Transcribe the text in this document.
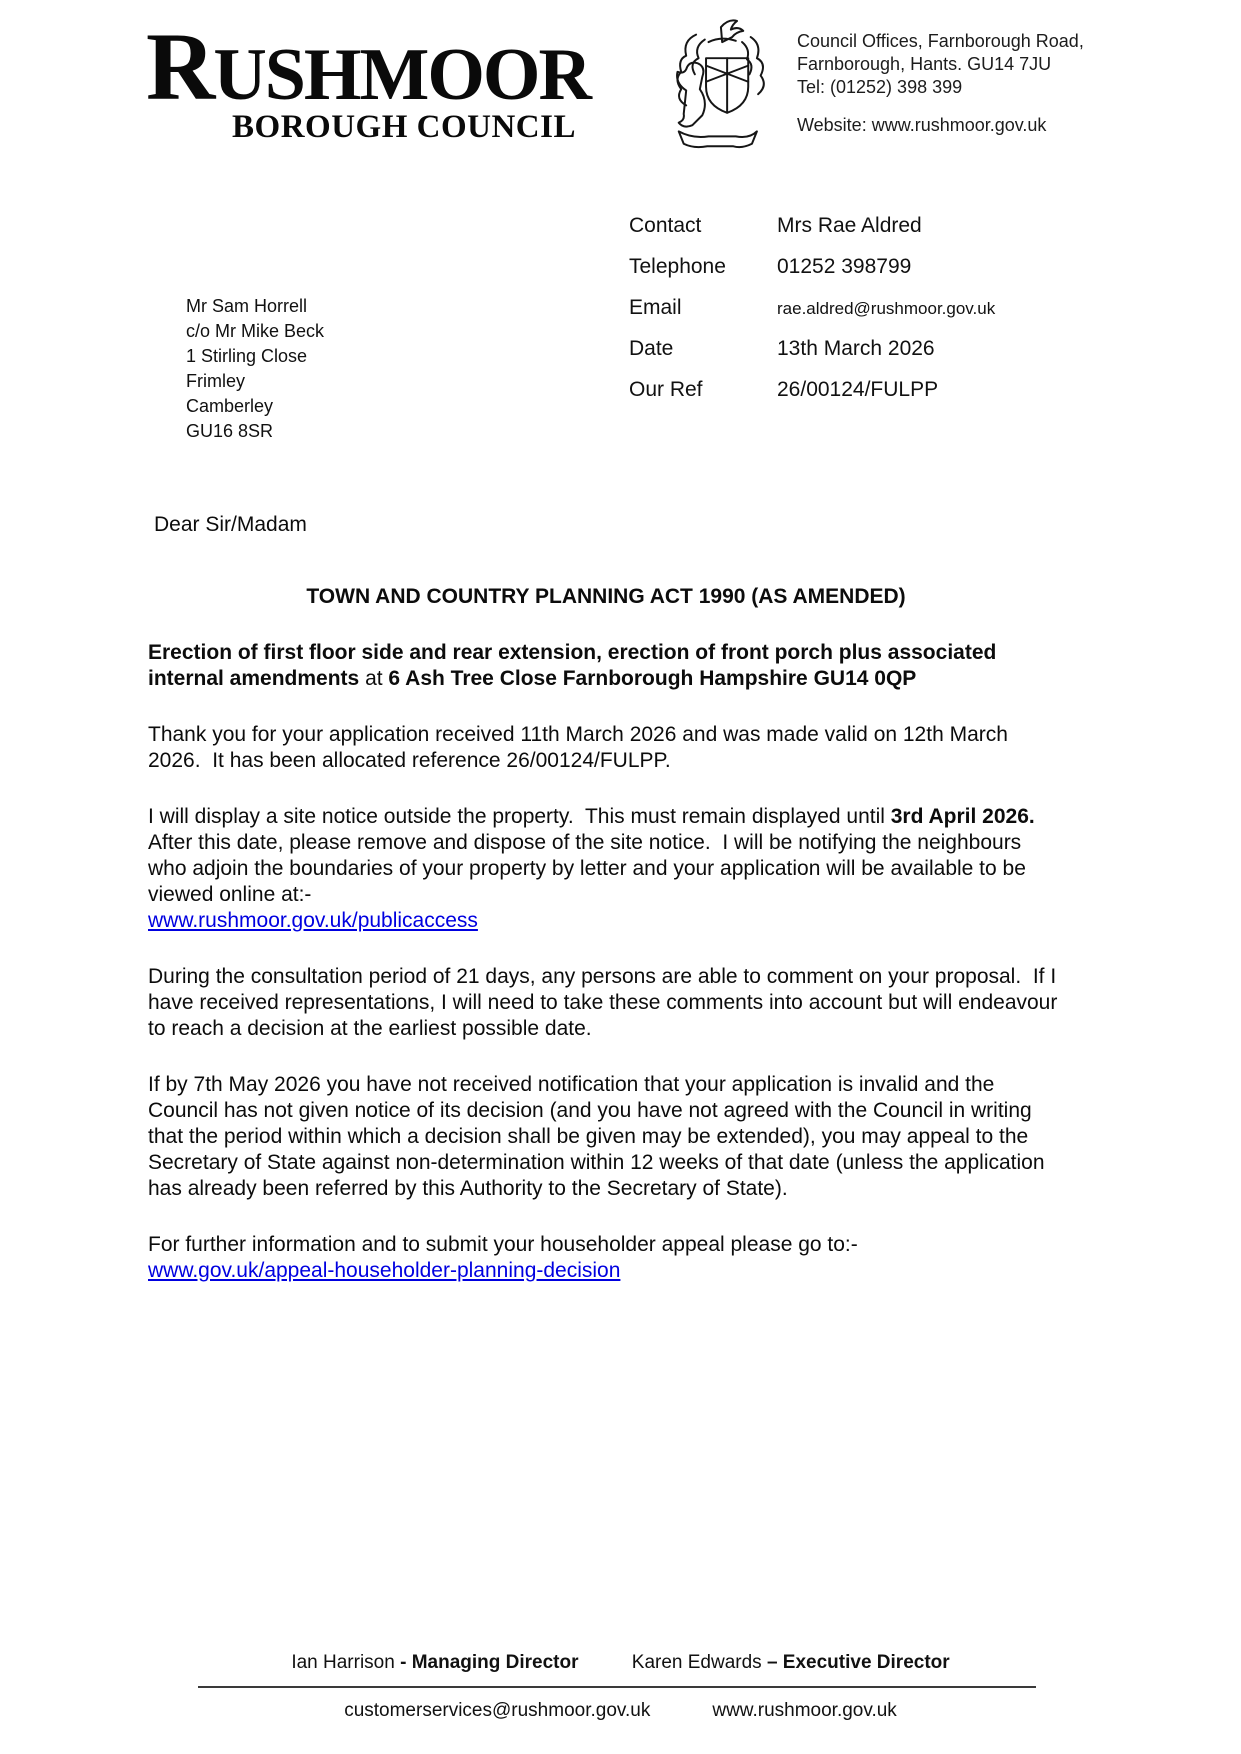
RUSHMOOR
BOROUGH COUNCIL
Council Offices, Farnborough Road,
Farnborough, Hants. GU14 7JU
Tel: (01252) 398 399
Website: www.rushmoor.gov.uk
Contact	Mrs Rae Aldred
Telephone	01252 398799
Email	rae.aldred@rushmoor.gov.uk
Date	13th March 2026
Our Ref	26/00124/FULPP
Mr Sam Horrell
c/o Mr Mike Beck
1 Stirling Close
Frimley
Camberley
GU16 8SR

Dear Sir/Madam

TOWN AND COUNTRY PLANNING ACT 1990 (AS AMENDED)

Erection of first floor side and rear extension, erection of front porch plus associated internal amendments at 6 Ash Tree Close Farnborough Hampshire GU14 0QP

Thank you for your application received 11th March 2026 and was made valid on 12th March 2026.  It has been allocated reference 26/00124/FULPP.

I will display a site notice outside the property.  This must remain displayed until 3rd April 2026.   After this date, please remove and dispose of the site notice.  I will be notifying the neighbours who adjoin the boundaries of your property by letter and your application will be available to be viewed online at:-
www.rushmoor.gov.uk/publicaccess

During the consultation period of 21 days, any persons are able to comment on your proposal.  If I have received representations, I will need to take these comments into account but will endeavour to reach a decision at the earliest possible date.

If by 7th May 2026 you have not received notification that your application is invalid and the Council has not given notice of its decision (and you have not agreed with the Council in writing that the period within which a decision shall be given may be extended), you may appeal to the Secretary of State against non-determination within 12 weeks of that date (unless the application has already been referred by this Authority to the Secretary of State).

For further information and to submit your householder appeal please go to:-
www.gov.uk/appeal-householder-planning-decision

Ian Harrison - Managing Director	Karen Edwards – Executive Director
customerservices@rushmoor.gov.uk	www.rushmoor.gov.uk
